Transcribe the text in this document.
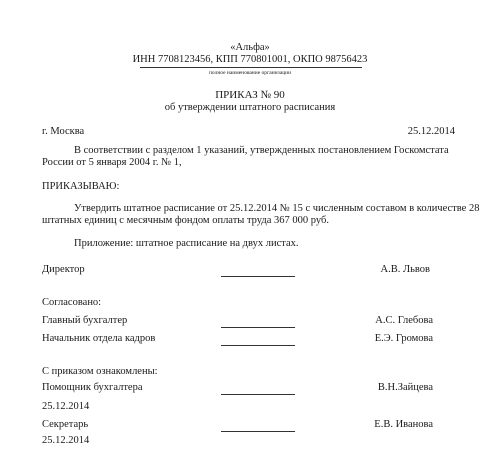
«Альфа»
ИНН 7708123456, КПП 770801001, ОКПО 98756423
полное наименование организации
ПРИКАЗ № 90
об утверждении штатного расписания
г. Москва	25.12.2014
В соответствии с разделом 1 указаний, утвержденных постановлением Госкомстата
России от 5 января 2004 г. № 1,
ПРИКАЗЫВАЮ:
Утвердить штатное расписание от 25.12.2014 № 15 с численным составом в количестве 28
штатных единиц с месячным фондом оплаты труда 367 000 руб.
Приложение: штатное расписание на двух листах.
Директор	А.В. Львов
Согласовано:
Главный бухгалтер	А.С. Глебова
Начальник отдела кадров	Е.Э. Громова
С приказом ознакомлены:
Помощник бухгалтера	В.Н.Зайцева
25.12.2014
Секретарь	Е.В. Иванова
25.12.2014
